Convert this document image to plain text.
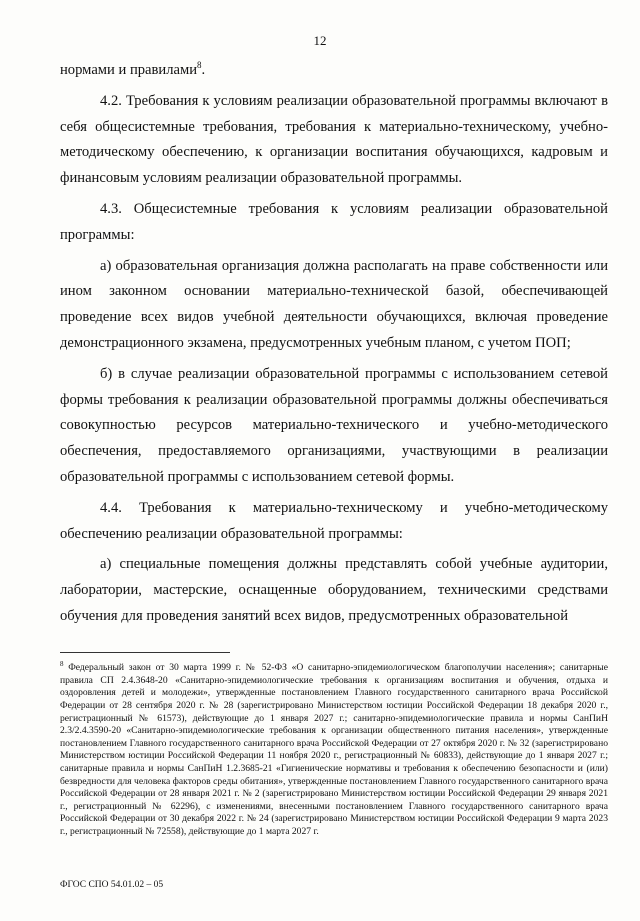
12

нормами и правилами$^8$.

4.2. Требования к условиям реализации образовательной программы включают в себя общесистемные требования, требования к материально-техническому, учебно-методическому обеспечению, к организации воспитания обучающихся, кадровым и финансовым условиям реализации образовательной программы.

4.3. Общесистемные требования к условиям реализации образовательной программы:

а) образовательная организация должна располагать на праве собственности или ином законном основании материально-технической базой, обеспечивающей проведение всех видов учебной деятельности обучающихся, включая проведение демонстрационного экзамена, предусмотренных учебным планом, с учетом ПОП;

б) в случае реализации образовательной программы с использованием сетевой формы требования к реализации образовательной программы должны обеспечиваться совокупностью ресурсов материально-технического и учебно-методического обеспечения, предоставляемого организациями, участвующими в реализации образовательной программы с использованием сетевой формы.

4.4. Требования к материально-техническому и учебно-методическому обеспечению реализации образовательной программы:

а) специальные помещения должны представлять собой учебные аудитории, лаборатории, мастерские, оснащенные оборудованием, техническими средствами обучения для проведения занятий всех видов, предусмотренных образовательной

$^8$ Федеральный закон от 30 марта 1999 г. № 52-ФЗ «О санитарно-эпидемиологическом благополучии населения»; санитарные правила СП 2.4.3648-20 «Санитарно-эпидемиологические требования к организациям воспитания и обучения, отдыха и оздоровления детей и молодежи», утвержденные постановлением Главного государственного санитарного врача Российской Федерации от 28 сентября 2020 г. № 28 (зарегистрировано Министерством юстиции Российской Федерации 18 декабря 2020 г., регистрационный № 61573), действующие до 1 января 2027 г.; санитарно-эпидемиологические правила и нормы СанПиН 2.3/2.4.3590-20 «Санитарно-эпидемиологические требования к организации общественного питания населения», утвержденные постановлением Главного государственного санитарного врача Российской Федерации от 27 октября 2020 г. № 32 (зарегистрировано Министерством юстиции Российской Федерации 11 ноября 2020 г., регистрационный № 60833), действующие до 1 января 2027 г.; санитарные правила и нормы СанПиН 1.2.3685-21 «Гигиенические нормативы и требования к обеспечению безопасности и (или) безвредности для человека факторов среды обитания», утвержденные постановлением Главного государственного санитарного врача Российской Федерации от 28 января 2021 г. № 2 (зарегистрировано Министерством юстиции Российской Федерации 29 января 2021 г., регистрационный № 62296), с изменениями, внесенными постановлением Главного государственного санитарного врача Российской Федерации от 30 декабря 2022 г. № 24 (зарегистрировано Министерством юстиции Российской Федерации 9 марта 2023 г., регистрационный № 72558), действующие до 1 марта 2027 г.
ФГОС СПО 54.01.02 – 05
